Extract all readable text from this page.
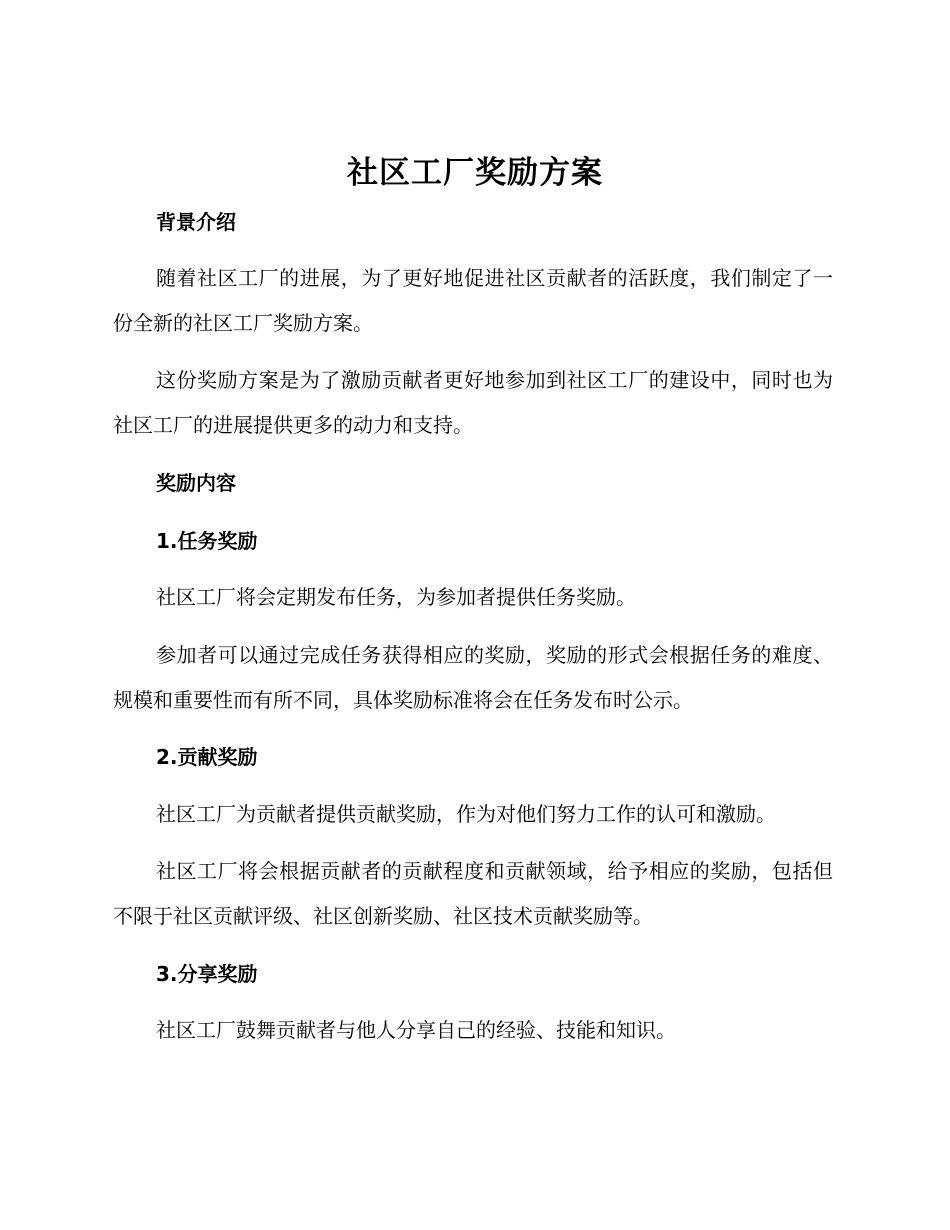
社区工厂奖励方案
背景介绍
随着社区工厂的进展，为了更好地促进社区贡献者的活跃度，我们制定了一份全新的社区工厂奖励方案。
这份奖励方案是为了激励贡献者更好地参加到社区工厂的建设中，同时也为社区工厂的进展提供更多的动力和支持。
奖励内容
1.任务奖励
社区工厂将会定期发布任务，为参加者提供任务奖励。
参加者可以通过完成任务获得相应的奖励，奖励的形式会根据任务的难度、规模和重要性而有所不同，具体奖励标准将会在任务发布时公示。
2.贡献奖励
社区工厂为贡献者提供贡献奖励，作为对他们努力工作的认可和激励。
社区工厂将会根据贡献者的贡献程度和贡献领域，给予相应的奖励，包括但不限于社区贡献评级、社区创新奖励、社区技术贡献奖励等。
3.分享奖励
社区工厂鼓舞贡献者与他人分享自己的经验、技能和知识。
